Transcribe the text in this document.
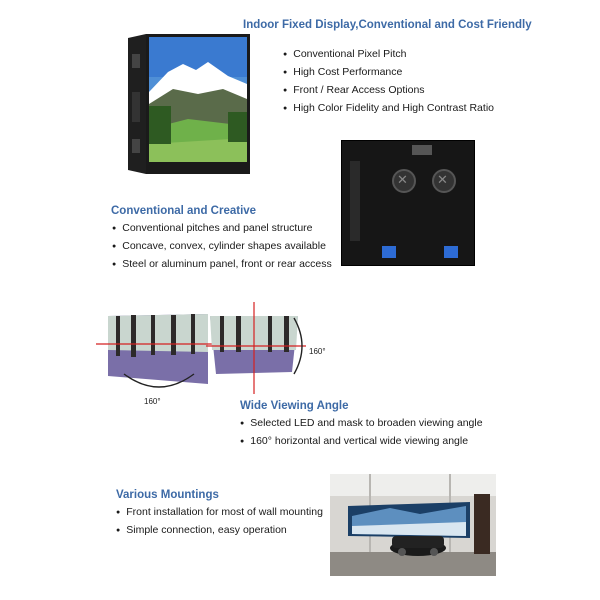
Indoor Fixed Display,Conventional and Cost Friendly
● Conventional Pixel Pitch
● High Cost Performance
● Front / Rear Access Options
● High Color Fidelity and High Contrast Ratio
✕
✕
Conventional and Creative
● Conventional pitches and panel structure
● Concave, convex, cylinder shapes available
● Steel or aluminum panel, front or rear access
160°
160°
Wide Viewing Angle
● Selected LED and mask to broaden viewing angle
● 160° horizontal and vertical wide viewing angle
Various Mountings
● Front installation for most of wall mounting
● Simple connection, easy operation
